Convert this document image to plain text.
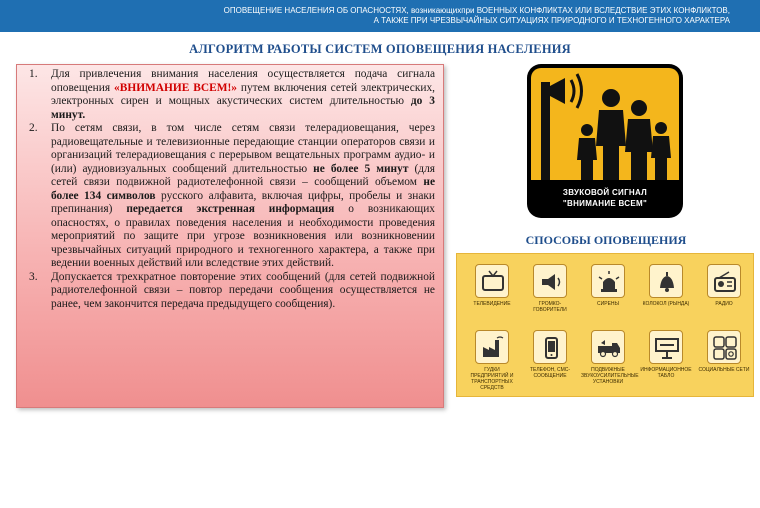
ОПОВЕЩЕНИЕ НАСЕЛЕНИЯ ОБ ОПАСНОСТЯХ, возникающихпри ВОЕННЫХ КОНФЛИКТАХ ИЛИ ВСЛЕДСТВИЕ ЭТИХ КОНФЛИКТОВ,
А ТАКЖЕ ПРИ ЧРЕЗВЫЧАЙНЫХ СИТУАЦИЯХ ПРИРОДНОГО И ТЕХНОГЕННОГО ХАРАКТЕРА
АЛГОРИТМ РАБОТЫ СИСТЕМ ОПОВЕЩЕНИЯ НАСЕЛЕНИЯ
1. Для привлечения внимания населения осуществляется подача сигнала оповещения «ВНИМАНИЕ ВСЕМ!» путем включения сетей электрических, электронных сирен и мощных акустических систем длительностью до 3 минут.
2. По сетям связи, в том числе сетям связи телерадиовещания, через радиовещательные и телевизионные передающие станции операторов связи и организаций телерадиовещания с перерывом вещательных программ аудио- и (или) аудиовизуальных сообщений длительностью не более 5 минут (для сетей связи подвижной радиотелефонной связи – сообщений объемом не более 134 символов русского алфавита, включая цифры, пробелы и знаки препинания) передается экстренная информация о возникающих опасностях, о правилах поведения населения и необходимости проведения мероприятий по защите при угрозе возникновения или возникновении чрезвычайных ситуаций природного и техногенного характера, а также при ведении военных действий или вследствие этих действий.
3. Допускается трехкратное повторение этих сообщений (для сетей подвижной радиотелефонной связи – повтор передачи сообщения осуществляется не ранее, чем закончится передача предыдущего сообщения).
ЗВУКОВОЙ СИГНАЛ
"ВНИМАНИЕ ВСЕМ"
СПОСОБЫ ОПОВЕЩЕНИЯ
ТЕЛЕВИДЕНИЕ	ГРОМКО-ГОВОРИТЕЛИ
СИРЕНЫ	КОЛОКОЛ (РЫНДА)	РАДИО
ГУДКИ ПРЕДПРИЯТИЙ И ТРАНСПОРТНЫХ СРЕДСТВ
ТЕЛЕФОН, СМС-СООБЩЕНИЕ
ПОДВИЖНЫЕ ЗВУКОУСИЛИТЕЛЬНЫЕ УСТАНОВКИ
ИНФОРМАЦИОННОЕ ТАБЛО
СОЦИАЛЬНЫЕ СЕТИ
